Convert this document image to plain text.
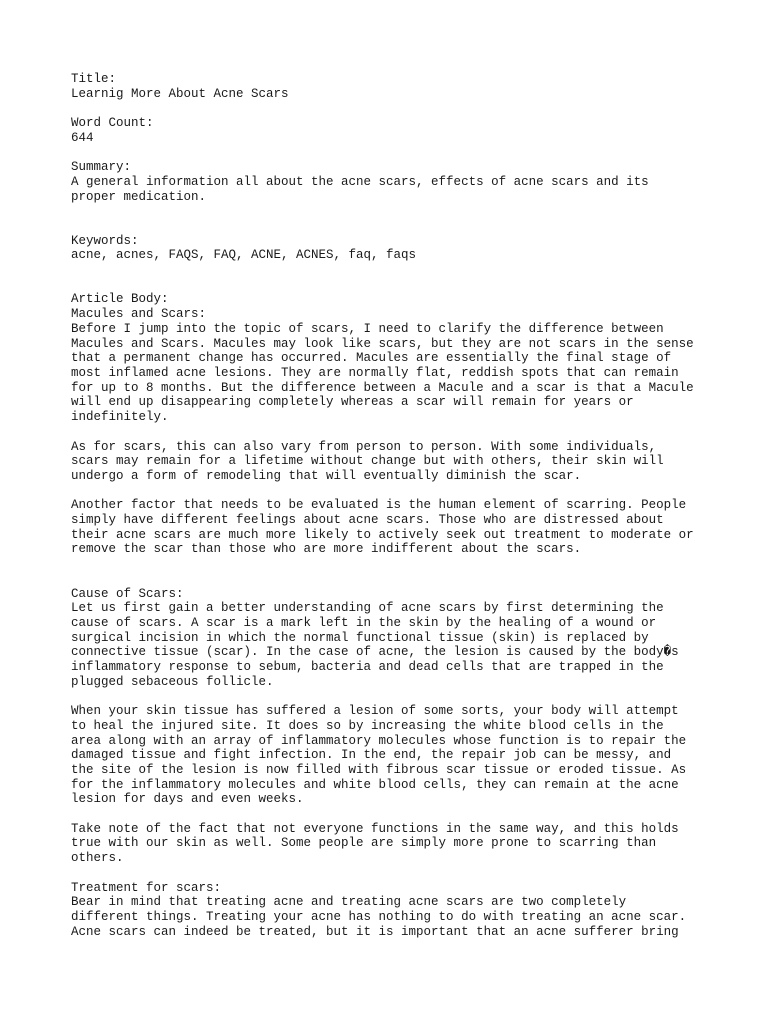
Title:
Learnig More About Acne Scars
Word Count:
644
Summary:
A general information all about the acne scars, effects of acne scars and its
proper medication.
Keywords:
acne, acnes, FAQS, FAQ, ACNE, ACNES, faq, faqs
Article Body:
Macules and Scars:
Before I jump into the topic of scars, I need to clarify the difference between
Macules and Scars. Macules may look like scars, but they are not scars in the sense
that a permanent change has occurred. Macules are essentially the final stage of
most inflamed acne lesions. They are normally flat, reddish spots that can remain
for up to 8 months. But the difference between a Macule and a scar is that a Macule
will end up disappearing completely whereas a scar will remain for years or
indefinitely.
As for scars, this can also vary from person to person. With some individuals,
scars may remain for a lifetime without change but with others, their skin will
undergo a form of remodeling that will eventually diminish the scar.
Another factor that needs to be evaluated is the human element of scarring. People
simply have different feelings about acne scars. Those who are distressed about
their acne scars are much more likely to actively seek out treatment to moderate or
remove the scar than those who are more indifferent about the scars.
Cause of Scars:
Let us first gain a better understanding of acne scars by first determining the
cause of scars. A scar is a mark left in the skin by the healing of a wound or
surgical incision in which the normal functional tissue (skin) is replaced by
connective tissue (scar). In the case of acne, the lesion is caused by the body�s
inflammatory response to sebum, bacteria and dead cells that are trapped in the
plugged sebaceous follicle.
When your skin tissue has suffered a lesion of some sorts, your body will attempt
to heal the injured site. It does so by increasing the white blood cells in the
area along with an array of inflammatory molecules whose function is to repair the
damaged tissue and fight infection. In the end, the repair job can be messy, and
the site of the lesion is now filled with fibrous scar tissue or eroded tissue. As
for the inflammatory molecules and white blood cells, they can remain at the acne
lesion for days and even weeks.
Take note of the fact that not everyone functions in the same way, and this holds
true with our skin as well. Some people are simply more prone to scarring than
others.
Treatment for scars:
Bear in mind that treating acne and treating acne scars are two completely
different things. Treating your acne has nothing to do with treating an acne scar.
Acne scars can indeed be treated, but it is important that an acne sufferer bring
